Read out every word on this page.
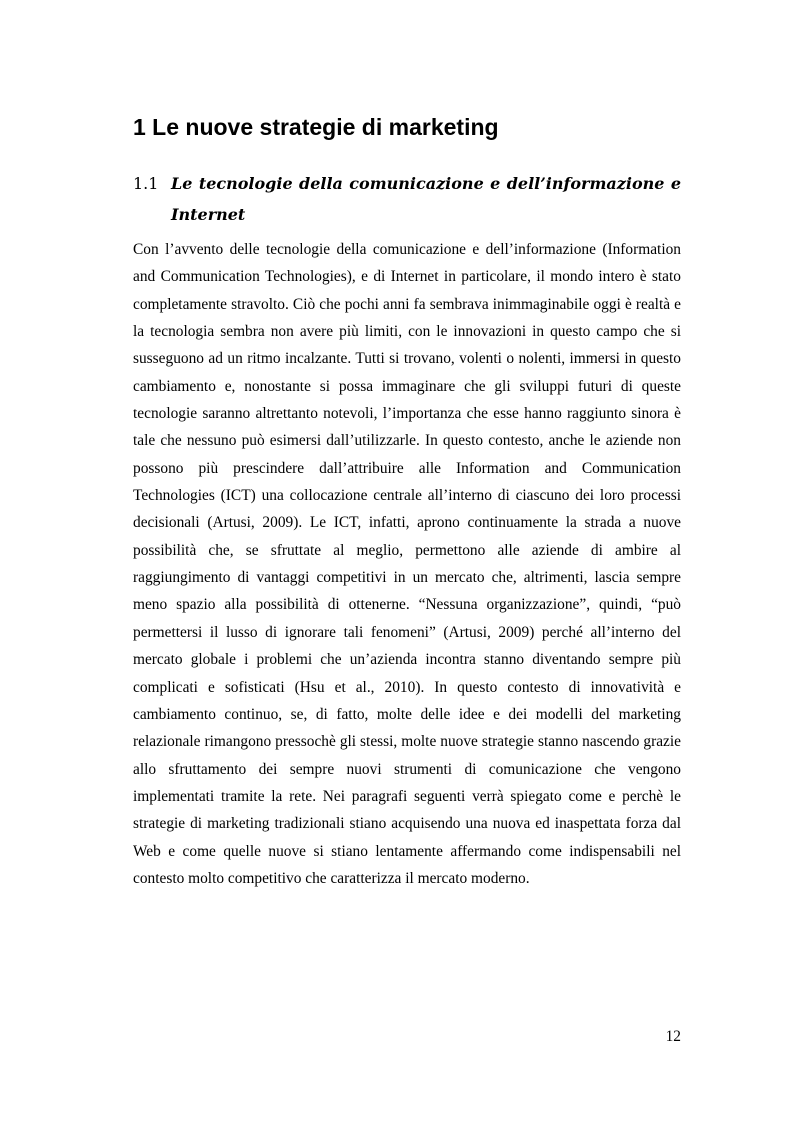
1 Le nuove strategie di marketing
1.1 Le tecnologie della comunicazione e dell’informazione e Internet

Con l’avvento delle tecnologie della comunicazione e dell’informazione (Information and Communication Technologies), e di Internet in particolare, il mondo intero è stato completamente stravolto. Ciò che pochi anni fa sembrava inimmaginabile oggi è realtà e la tecnologia sembra non avere più limiti, con le innovazioni in questo campo che si susseguono ad un ritmo incalzante. Tutti si trovano, volenti o nolenti, immersi in questo cambiamento e, nonostante si possa immaginare che gli sviluppi futuri di queste tecnologie saranno altrettanto notevoli, l’importanza che esse hanno raggiunto sinora è tale che nessuno può esimersi dall’utilizzarle. In questo contesto, anche le aziende non possono più prescindere dall’attribuire alle Information and Communication Technologies (ICT) una collocazione centrale all’interno di ciascuno dei loro processi decisionali (Artusi, 2009). Le ICT, infatti, aprono continuamente la strada a nuove possibilità che, se sfruttate al meglio, permettono alle aziende di ambire al raggiungimento di vantaggi competitivi in un mercato che, altrimenti, lascia sempre meno spazio alla possibilità di ottenerne. “Nessuna organizzazione”, quindi, “può permettersi il lusso di ignorare tali fenomeni” (Artusi, 2009) perché all’interno del mercato globale i problemi che un’azienda incontra stanno diventando sempre più complicati e sofisticati (Hsu et al., 2010). In questo contesto di innovatività e cambiamento continuo, se, di fatto, molte delle idee e dei modelli del marketing relazionale rimangono pressochè gli stessi, molte nuove strategie stanno nascendo grazie allo sfruttamento dei sempre nuovi strumenti di comunicazione che vengono implementati tramite la rete. Nei paragrafi seguenti verrà spiegato come e perchè le strategie di marketing tradizionali stiano acquisendo una nuova ed inaspettata forza dal Web e come quelle nuove si stiano lentamente affermando come indispensabili nel contesto molto competitivo che caratterizza il mercato moderno.

12
